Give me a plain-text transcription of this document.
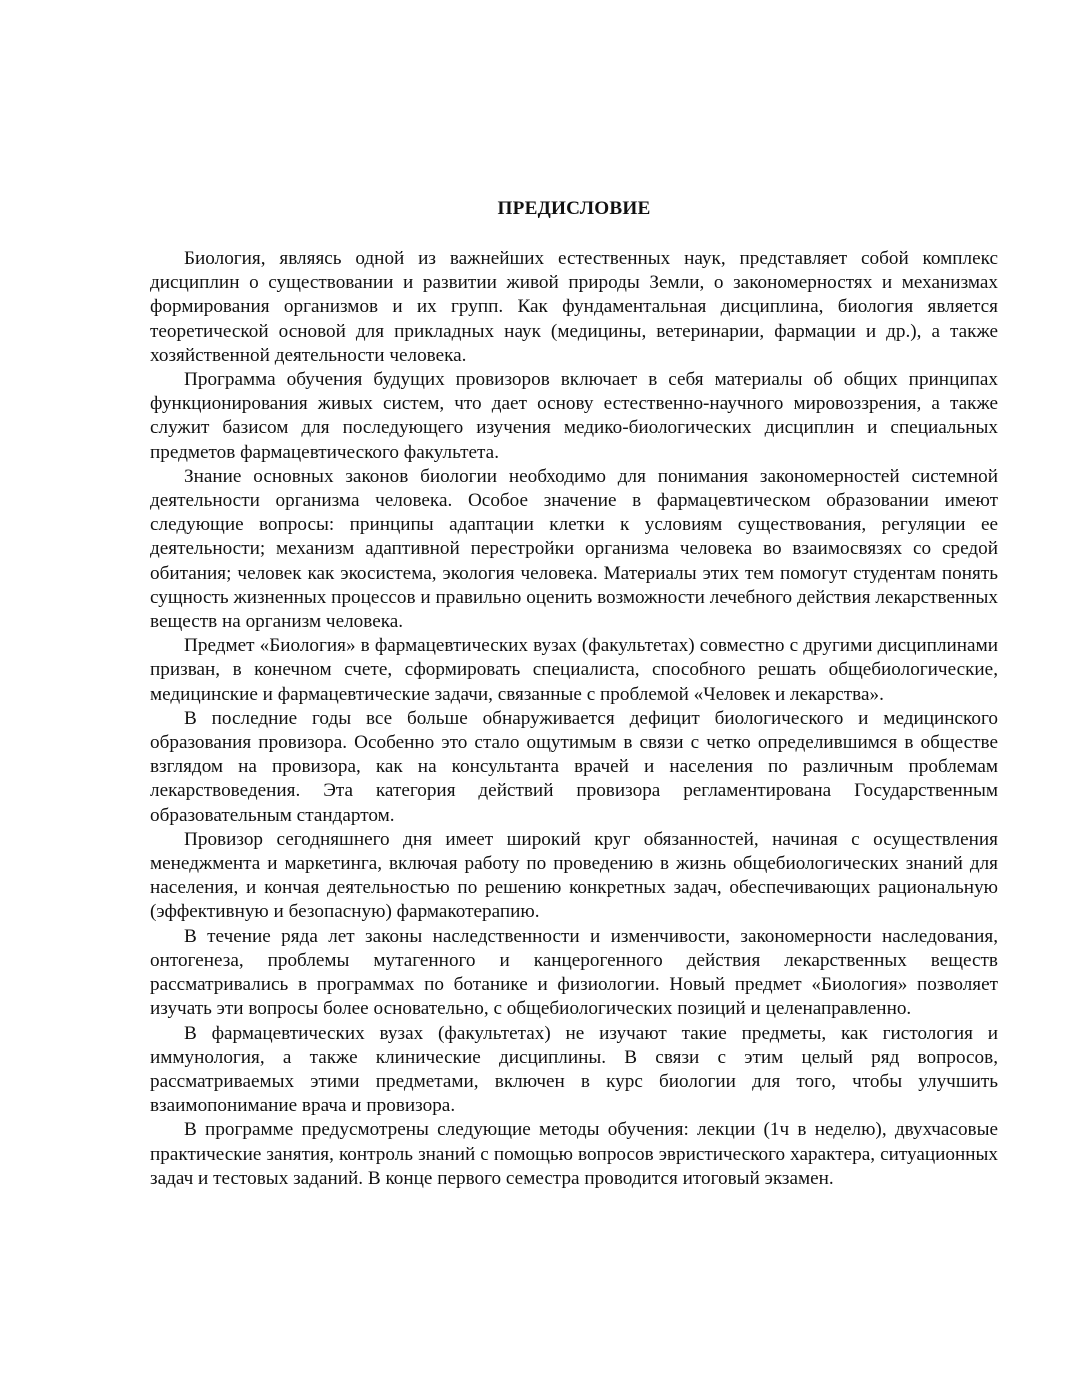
ПРЕДИСЛОВИЕ

Биология, являясь одной из важнейших естественных наук, представляет собой комплекс дисциплин о существовании и развитии живой природы Земли, о закономерностях и механизмах формирования организмов и их групп. Как фундаментальная дисциплина, биология является теоретической основой для прикладных наук (медицины, ветеринарии, фармации и др.), а также хозяйственной деятельности человека.

Программа обучения будущих провизоров включает в себя материалы об общих принципах функционирования живых систем, что дает основу естественно-научного мировоззрения, а также служит базисом для последующего изучения медико-биологических дисциплин и специальных предметов фармацевтического факультета.

Знание основных законов биологии необходимо для понимания закономерностей системной деятельности организма человека. Особое значение в фармацевтическом образовании имеют следующие вопросы: принципы адаптации клетки к условиям существования, регуляции ее деятельности; механизм адаптивной перестройки организма человека во взаимосвязях со средой обитания; человек как экосистема, экология человека. Материалы этих тем помогут студентам понять сущность жизненных процессов и правильно оценить возможности лечебного действия лекарственных веществ на организм человека.

Предмет «Биология» в фармацевтических вузах (факультетах) совместно с другими дисциплинами призван, в конечном счете, сформировать специалиста, способного решать общебиологические, медицинские и фармацевтические задачи, связанные с проблемой «Человек и лекарства».

В последние годы все больше обнаруживается дефицит биологического и медицинского образования провизора. Особенно это стало ощутимым в связи с четко определившимся в обществе взглядом на провизора, как на консультанта врачей и населения по различным проблемам лекарствоведения. Эта категория действий провизора регламентирована Государственным образовательным стандартом.

Провизор сегодняшнего дня имеет широкий круг обязанностей, начиная с осуществления менеджмента и маркетинга, включая работу по проведению в жизнь общебиологических знаний для населения, и кончая деятельностью по решению конкретных задач, обеспечивающих рациональную (эффективную и безопасную) фармакотерапию.

В течение ряда лет законы наследственности и изменчивости, закономерности наследования, онтогенеза, проблемы мутагенного и канцерогенного действия лекарственных веществ рассматривались в программах по ботанике и физиологии. Новый предмет «Биология» позволяет изучать эти вопросы более основательно, с общебиологических позиций и целенаправленно.

В фармацевтических вузах (факультетах) не изучают такие предметы, как гистология и иммунология, а также клинические дисциплины. В связи с этим целый ряд вопросов, рассматриваемых этими предметами, включен в курс биологии для того, чтобы улучшить взаимопонимание врача и провизора.

В программе предусмотрены следующие методы обучения: лекции (1ч в неделю), двухчасовые практические занятия, контроль знаний с помощью вопросов эвристического характера, ситуационных задач и тестовых заданий. В конце первого семестра проводится итоговый экзамен.
